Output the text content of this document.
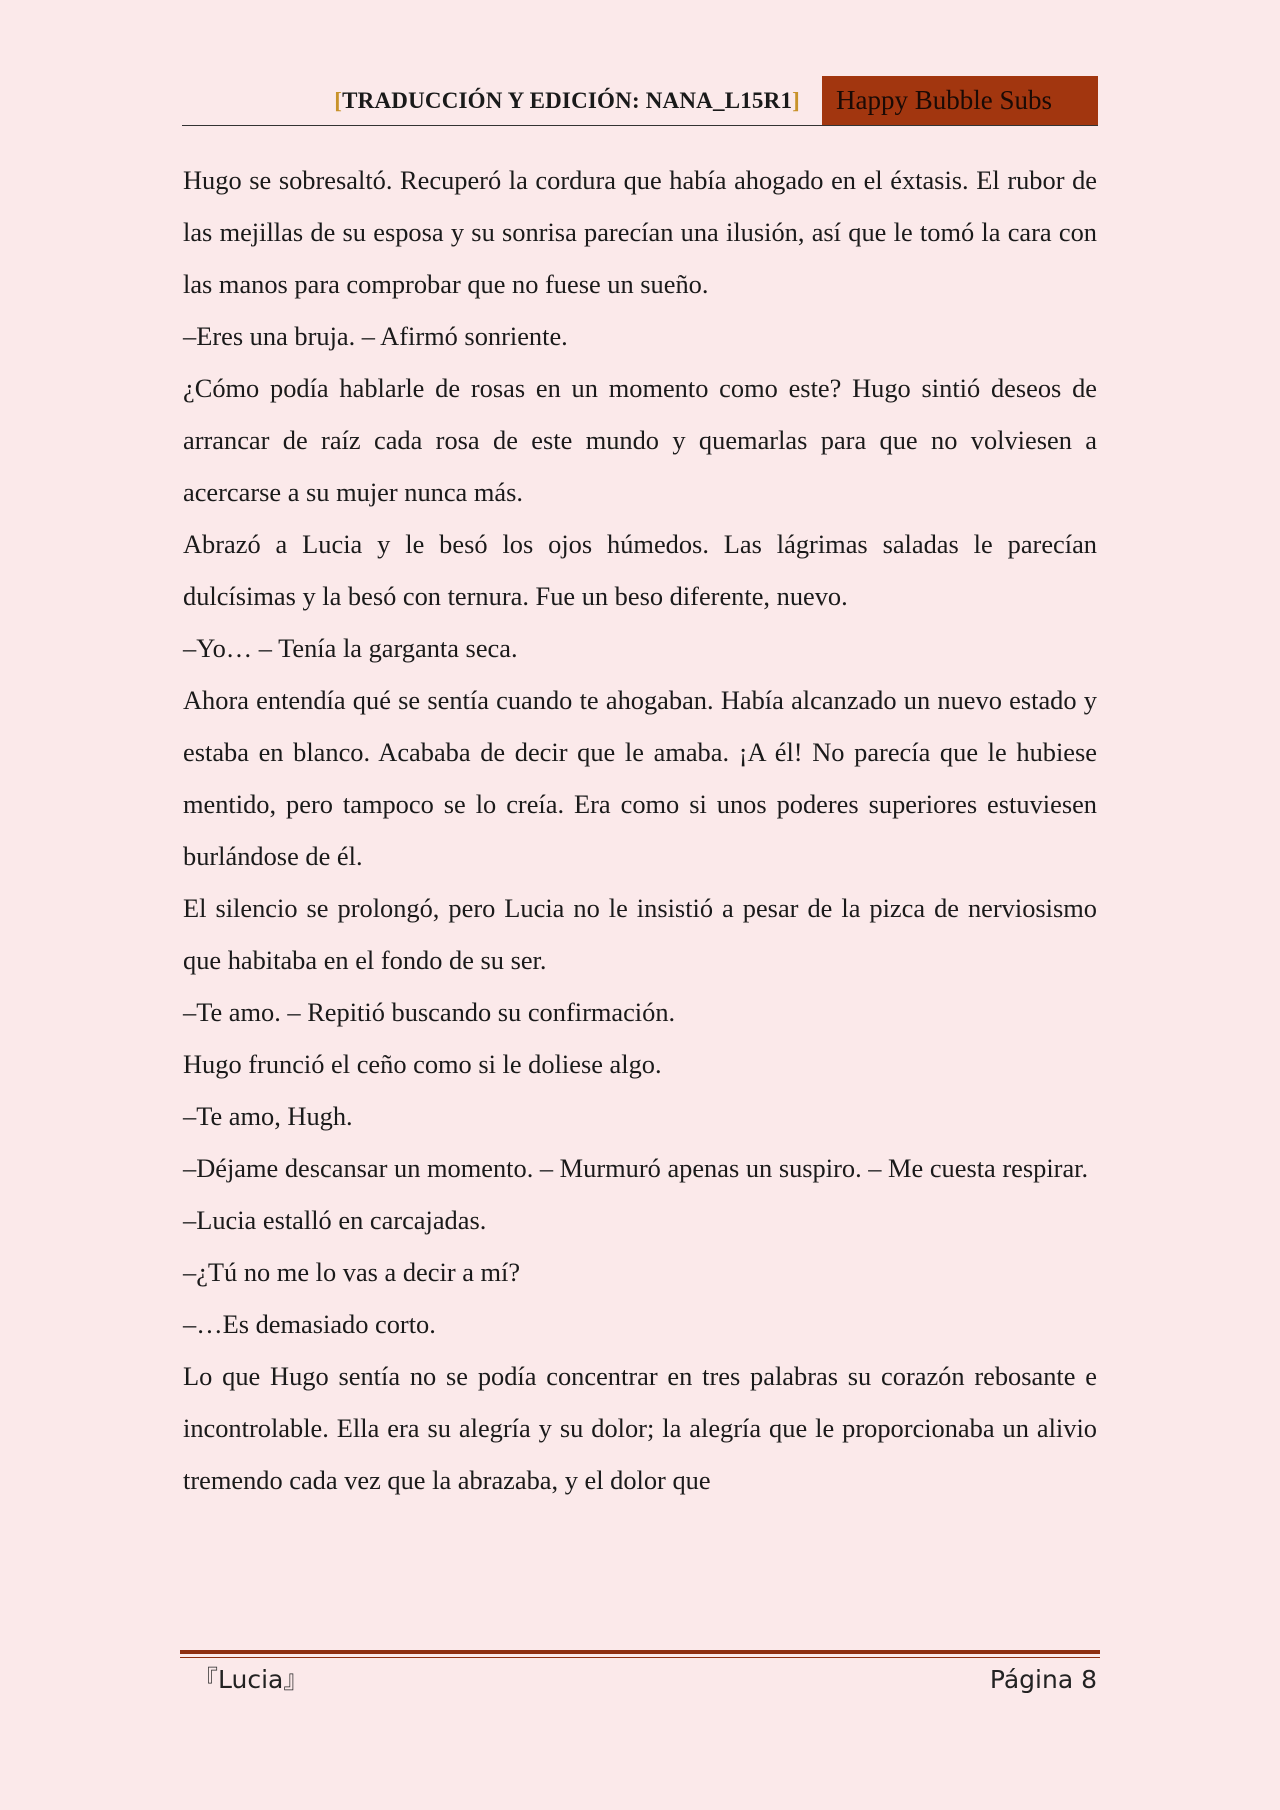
[TRADUCCIÓN Y EDICIÓN: NANA_L15R1]	Happy Bubble Subs

Hugo se sobresaltó. Recuperó la cordura que había ahogado en el éxtasis. El rubor de las mejillas de su esposa y su sonrisa parecían una ilusión, así que le tomó la cara con las manos para comprobar que no fuese un sueño.

–Eres una bruja. – Afirmó sonriente.

¿Cómo podía hablarle de rosas en un momento como este? Hugo sintió deseos de arrancar de raíz cada rosa de este mundo y quemarlas para que no volviesen a acercarse a su mujer nunca más.

Abrazó a Lucia y le besó los ojos húmedos. Las lágrimas saladas le parecían dulcísimas y la besó con ternura. Fue un beso diferente, nuevo.

–Yo… – Tenía la garganta seca.

Ahora entendía qué se sentía cuando te ahogaban. Había alcanzado un nuevo estado y estaba en blanco. Acababa de decir que le amaba. ¡A él! No parecía que le hubiese mentido, pero tampoco se lo creía. Era como si unos poderes superiores estuviesen burlándose de él.

El silencio se prolongó, pero Lucia no le insistió a pesar de la pizca de nerviosismo que habitaba en el fondo de su ser.

–Te amo. – Repitió buscando su confirmación.

Hugo frunció el ceño como si le doliese algo.

–Te amo, Hugh.

–Déjame descansar un momento. – Murmuró apenas un suspiro. – Me cuesta respirar.

–Lucia estalló en carcajadas.

–¿Tú no me lo vas a decir a mí?

–…Es demasiado corto.

Lo que Hugo sentía no se podía concentrar en tres palabras su corazón rebosante e incontrolable. Ella era su alegría y su dolor; la alegría que le proporcionaba un alivio tremendo cada vez que la abrazaba, y el dolor que

『Lucia』	Página 8
